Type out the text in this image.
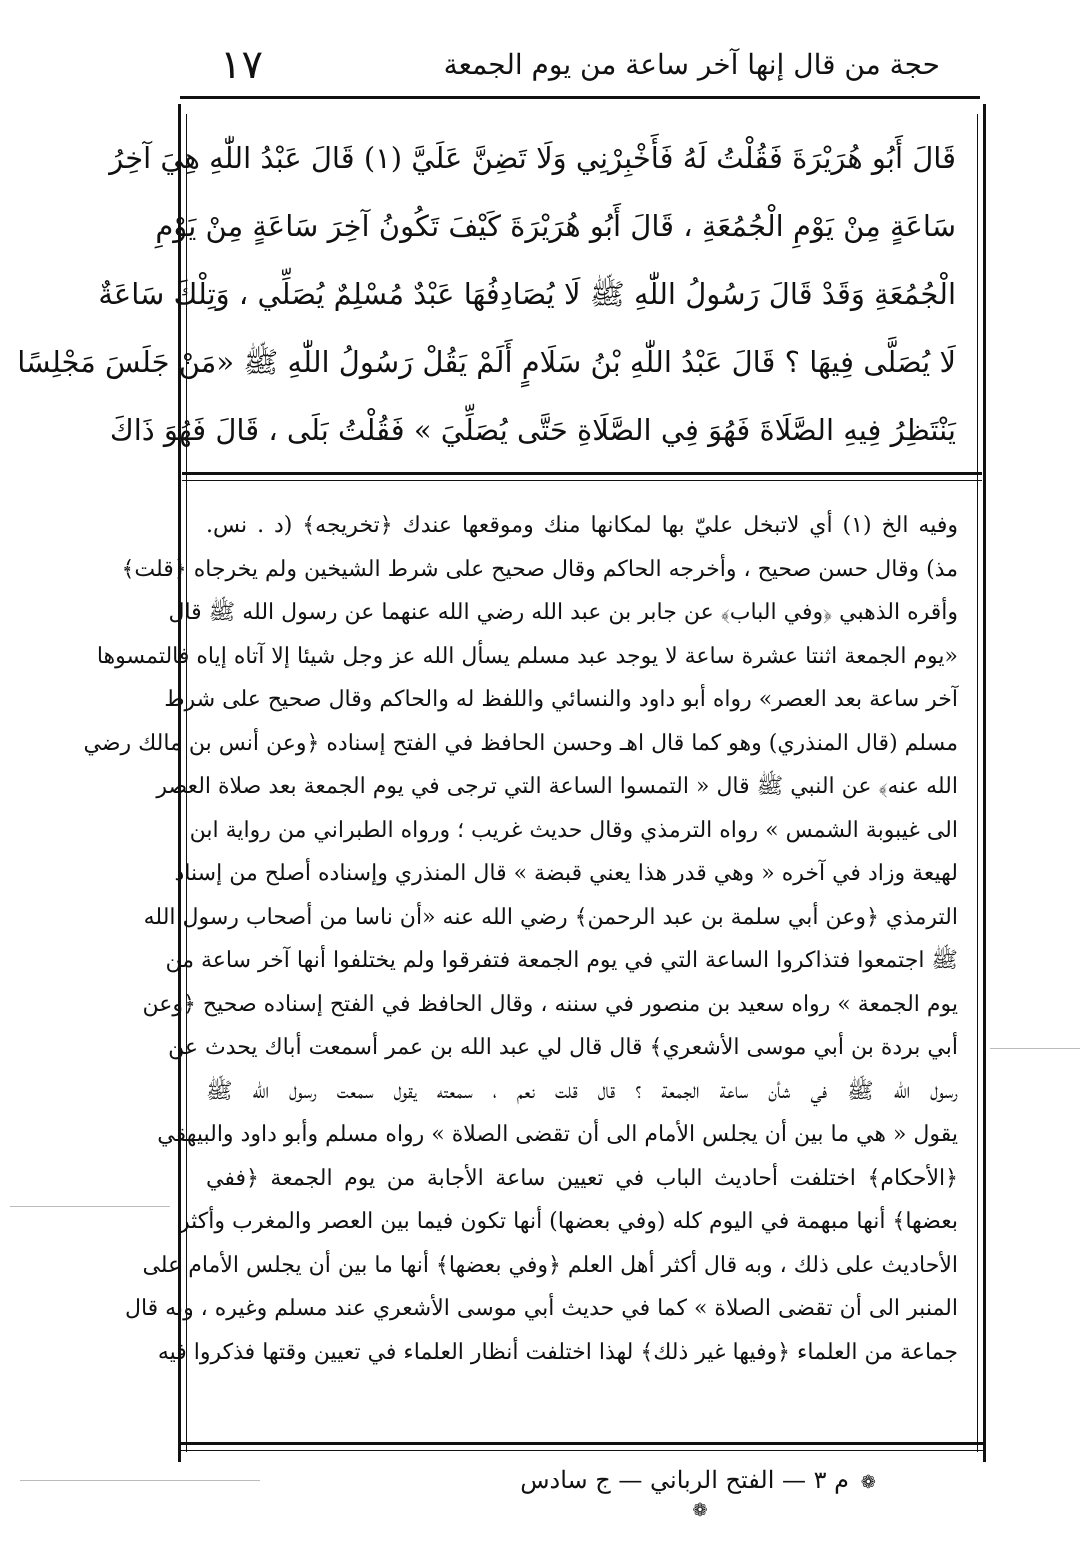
١٧	حجة من قال إنها آخر ساعة من يوم الجمعة
قَالَ أَبُو هُرَيْرَةَ فَقُلْتُ لَهُ فَأَخْبِرْنِي وَلَا تَضِنَّ عَلَيَّ (١) قَالَ عَبْدُ اللّٰهِ هِيَ آخِرُ
سَاعَةٍ مِنْ يَوْمِ الْجُمُعَةِ ، قَالَ أَبُو هُرَيْرَةَ كَيْفَ تَكُونُ آخِرَ سَاعَةٍ مِنْ يَوْمِ
الْجُمُعَةِ وَقَدْ قَالَ رَسُولُ اللّٰهِ ﷺ لَا يُصَادِفُهَا عَبْدٌ مُسْلِمٌ يُصَلِّي ، وَتِلْكَ سَاعَةٌ
لَا يُصَلَّى فِيهَا ؟ قَالَ عَبْدُ اللّٰهِ بْنُ سَلَامٍ أَلَمْ يَقُلْ رَسُولُ اللّٰهِ ﷺ «مَنْ جَلَسَ مَجْلِسًا
يَنْتَظِرُ فِيهِ الصَّلَاةَ فَهُوَ فِي الصَّلَاةِ حَتَّى يُصَلِّيَ » فَقُلْتُ بَلَى ، قَالَ فَهُوَ ذَاكَ
وفيه الخ (١) أي لاتبخل عليّ بها لمكانها منك وموقعها عندك ﴿تخريجه﴾ (د . نس.
مذ) وقال حسن صحيح ، وأخرجه الحاكم وقال صحيح على شرط الشيخين ولم يخرجاه ﴿قلت﴾
وأقره الذهبي ﴿وفي الباب﴾ عن جابر بن عبد الله رضي الله عنهما عن رسول الله ﷺ قال
«يوم الجمعة اثنتا عشرة ساعة لا يوجد عبد مسلم يسأل الله عز وجل شيئا إلا آتاه إياه فالتمسوها
آخر ساعة بعد العصر» رواه أبو داود والنسائي واللفظ له والحاكم وقال صحيح على شرط
مسلم (قال المنذري) وهو كما قال اهـ وحسن الحافظ في الفتح إسناده ﴿وعن أنس بن مالك رضي
الله عنه﴾ عن النبي ﷺ قال « التمسوا الساعة التي ترجى في يوم الجمعة بعد صلاة العصر
الى غيبوبة الشمس » رواه الترمذي وقال حديث غريب ؛ ورواه الطبراني من رواية ابن
لهيعة وزاد في آخره « وهي قدر هذا يعني قبضة » قال المنذري وإسناده أصلح من إسناد
الترمذي ﴿وعن أبي سلمة بن عبد الرحمن﴾ رضي الله عنه «أن ناسا من أصحاب رسول الله
ﷺ اجتمعوا فتذاكروا الساعة التي في يوم الجمعة فتفرقوا ولم يختلفوا أنها آخر ساعة من
يوم الجمعة » رواه سعيد بن منصور في سننه ، وقال الحافظ في الفتح إسناده صحيح ﴿وعن
أبي بردة بن أبي موسى الأشعري﴾ قال قال لي عبد الله بن عمر أسمعت أباك يحدث عن
رسول الله ﷺ في شأن ساعة الجمعة ؟ قال قلت نعم ، سمعته يقول سمعت رسول الله ﷺ
يقول « هي ما بين أن يجلس الأمام الى أن تقضى الصلاة » رواه مسلم وأبو داود والبيهقي
﴿الأحكام﴾ اختلفت أحاديث الباب في تعيين ساعة الأجابة من يوم الجمعة ﴿ففي
بعضها﴾ أنها مبهمة في اليوم كله (وفي بعضها) أنها تكون فيما بين العصر والمغرب وأكثر
الأحاديث على ذلك ، وبه قال أكثر أهل العلم ﴿وفي بعضها﴾ أنها ما بين أن يجلس الأمام على
المنبر الى أن تقضى الصلاة » كما في حديث أبي موسى الأشعري عند مسلم وغيره ، وبه قال
جماعة من العلماء ﴿وفيها غير ذلك﴾ لهذا اختلفت أنظار العلماء في تعيين وقتها فذكروا فيه
❁ م ٣ — الفتح الرباني — ج سادس ❁
